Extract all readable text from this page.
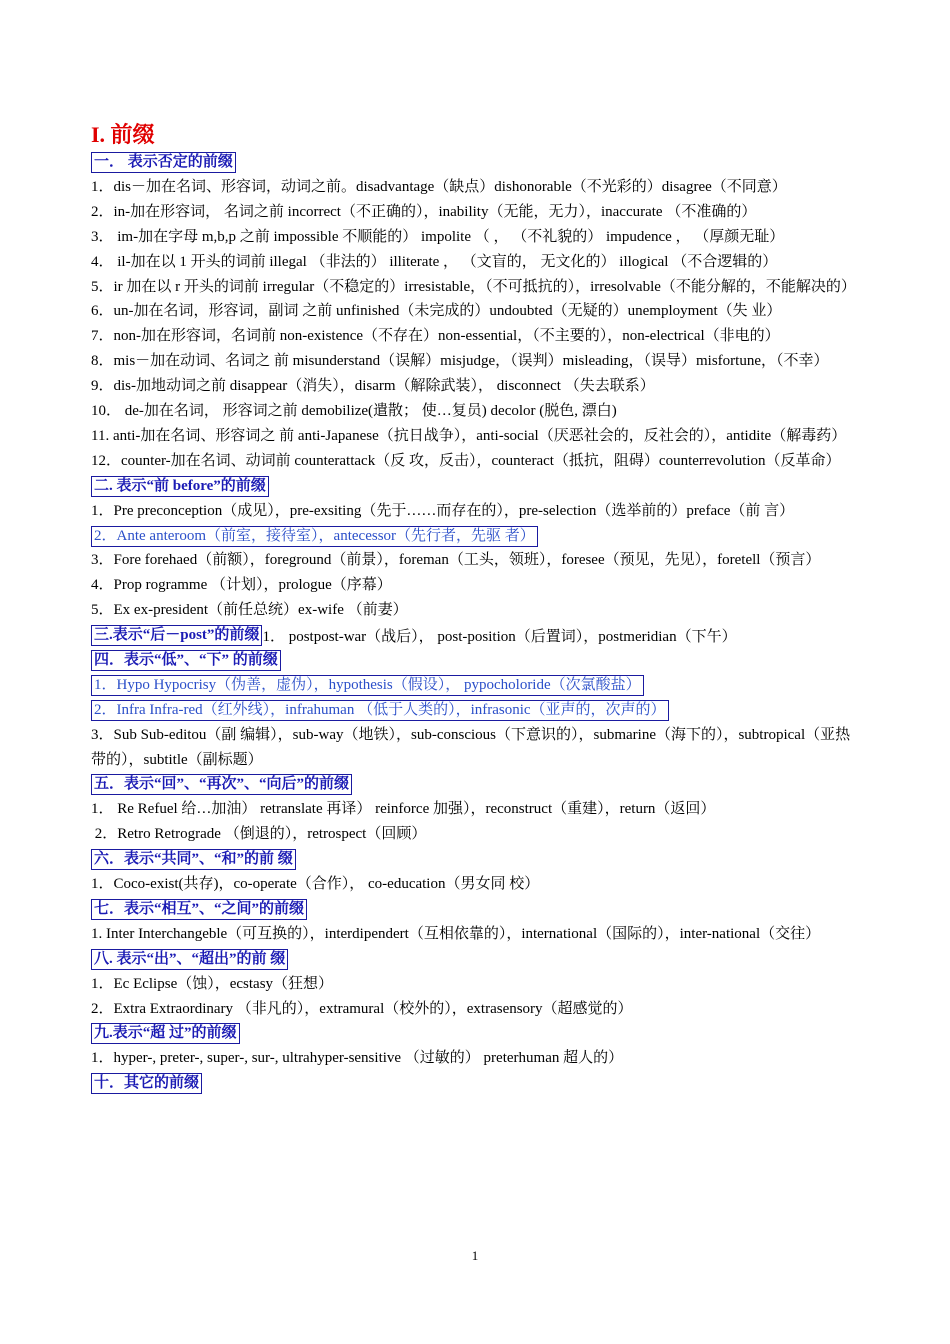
I. 前缀
一． 表示否定的前缀
1．dis－加在名词、形容词，动词之前。disadvantage（缺点）dishonorable（不光彩的）disagree（不同意）
2．in-加在形容词， 名词之前 incorrect（不正确的），inability（无能，无力），inaccurate （不准确的）
3． im-加在字母 m,b,p 之前 impossible 不顺能的） impolite （ ， （不礼貌的） impudence ， （厚颜无耻）
4． il-加在以 1 开头的词前 illegal （非法的） illiterate ， （文盲的， 无文化的） illogical （不合逻辑的）
5．ir 加在以 r 开头的词前 irregular（不稳定的）irresistable，（不可抵抗的），irresolvable（不能分解的，不能解决的）
6．un-加在名词，形容词，副词 之前 unfinished（未完成的）undoubted（无疑的）unemployment（失 业）
7．non-加在形容词，名词前 non-existence（不存在）non-essential，（不主要的），non-electrical（非电的）
8．mis－加在动词、名词之 前 misunderstand（误解）misjudge，（误判）misleading，（误导）misfortune，（不幸）
9．dis-加地动词之前 disappear（消失），disarm（解除武装）， disconnect （失去联系）
10． de-加在名词， 形容词之前 demobilize(遣散； 使…复员) decolor (脱色, 漂白)
11. anti-加在名词、形容词之 前 anti-Japanese（抗日战争），anti-social（厌恶社会的，反社会的），antidite（解毒药）
12．counter-加在名词、动词前 counterattack（反 攻，反击），counteract（抵抗，阻碍）counterrevolution（反革命）
二. 表示“前 before”的前缀
1．Pre preconception（成见），pre-exsiting（先于……而存在的），pre-selection（选举前的）preface（前 言）
2．Ante anteroom（前室，接待室），antecessor（先行者，先驱 者）
3．Fore forehaed（前额），foreground（前景），foreman（工头，领班），foresee（预见，先见），foretell（预言）
4．Prop rogramme （计划），prologue（序幕）
5．Ex ex-president（前任总统）ex-wife （前妻）
三.表示“后－post”的前缀 1． postpost-war（战后）， post-position（后置词），postmeridian（下午）
四．表示“低”、“下” 的前缀
1．Hypo Hypocrisy（伪善，虚伪），hypothesis（假设）， pypocholoride（次氯酸盐）
2．Infra Infra-red（红外线），infrahuman （低于人类的），infrasonic（亚声的，次声的）
3．Sub Sub-editou（副 编辑），sub-way（地铁），sub-conscious（下意识的），submarine（海下的），subtropical（亚热带的），subtitle（副标题）
五．表示“回”、“再次”、“向后”的前缀
1． Re Refuel 给…加油） retranslate 再译） reinforce 加强），reconstruct（重建），return（返回）
2．Retro Retrograde （倒退的），retrospect（回顾）
六．表示“共同”、“和”的前 缀
1．Coco-exist(共存)，co-operate（合作）， co-education（男女同 校）
七．表示“相互”、“之间”的前缀
1. Inter Interchangeble（可互换的），interdipendert（互相依靠的），international（国际的），inter-national（交往）
八. 表示“出”、“超出”的前 缀
1．Ec Eclipse（蚀），ecstasy（狂想）
2．Extra Extraordinary （非凡的），extramural（校外的），extrasensory（超感觉的）
九.表示“超 过”的前缀
1．hyper-, preter-, super-, sur-, ultrahyper-sensitive （过敏的） preterhuman 超人的）
十．其它的前缀
1
